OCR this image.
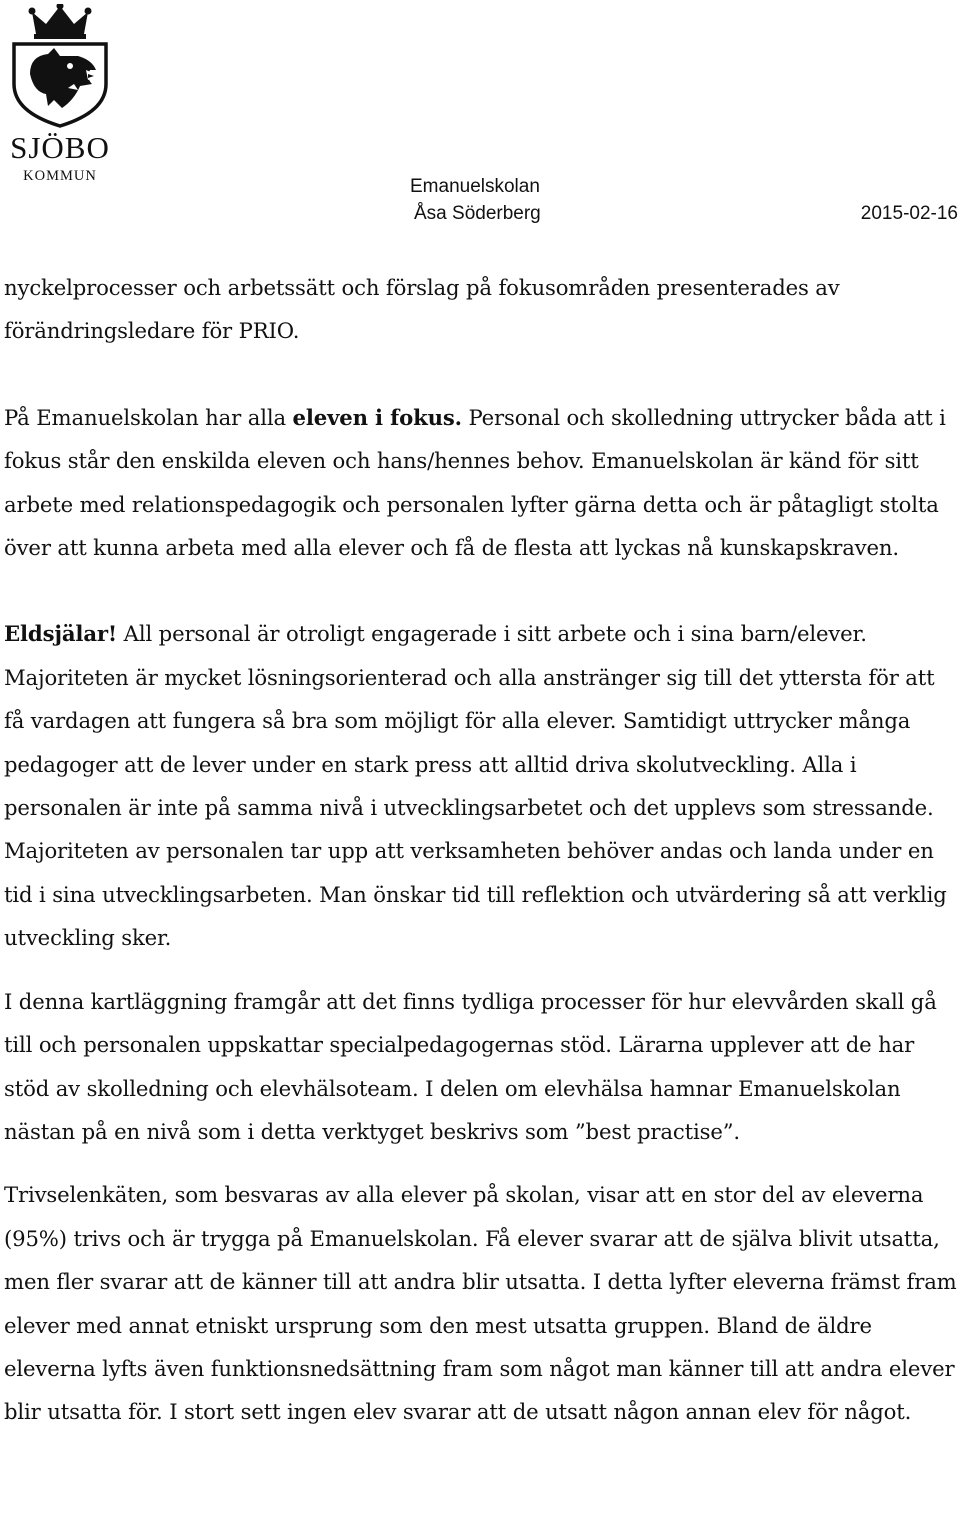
SJÖBO
KOMMUN	Emanuelskolan
Åsa Söderberg	2015-02-16

nyckelprocesser och arbetssätt och förslag på fokusområden presenterades av förändringsledare för PRIO.

På Emanuelskolan har alla eleven i fokus. Personal och skolledning uttrycker båda att i fokus står den enskilda eleven och hans/hennes behov. Emanuelskolan är känd för sitt arbete med relationspedagogik och personalen lyfter gärna detta och är påtagligt stolta över att kunna arbeta med alla elever och få de flesta att lyckas nå kunskapskraven.

Eldsjälar! All personal är otroligt engagerade i sitt arbete och i sina barn/elever. Majoriteten är mycket lösningsorienterad och alla anstränger sig till det yttersta för att få vardagen att fungera så bra som möjligt för alla elever. Samtidigt uttrycker många pedagoger att de lever under en stark press att alltid driva skolutveckling. Alla i personalen är inte på samma nivå i utvecklingsarbetet och det upplevs som stressande. Majoriteten av personalen tar upp att verksamheten behöver andas och landa under en tid i sina utvecklingsarbeten. Man önskar tid till reflektion och utvärdering så att verklig utveckling sker.

I denna kartläggning framgår att det finns tydliga processer för hur elevvården skall gå till och personalen uppskattar specialpedagogernas stöd. Lärarna upplever att de har stöd av skolledning och elevhälsoteam. I delen om elevhälsa hamnar Emanuelskolan nästan på en nivå som i detta verktyget beskrivs som ”best practise”.

Trivselenkäten, som besvaras av alla elever på skolan, visar att en stor del av eleverna (95%) trivs och är trygga på Emanuelskolan. Få elever svarar att de själva blivit utsatta, men fler svarar att de känner till att andra blir utsatta. I detta lyfter eleverna främst fram elever med annat etniskt ursprung som den mest utsatta gruppen. Bland de äldre eleverna lyfts även funktionsnedsättning fram som något man känner till att andra elever blir utsatta för. I stort sett ingen elev svarar att de utsatt någon annan elev för något.
